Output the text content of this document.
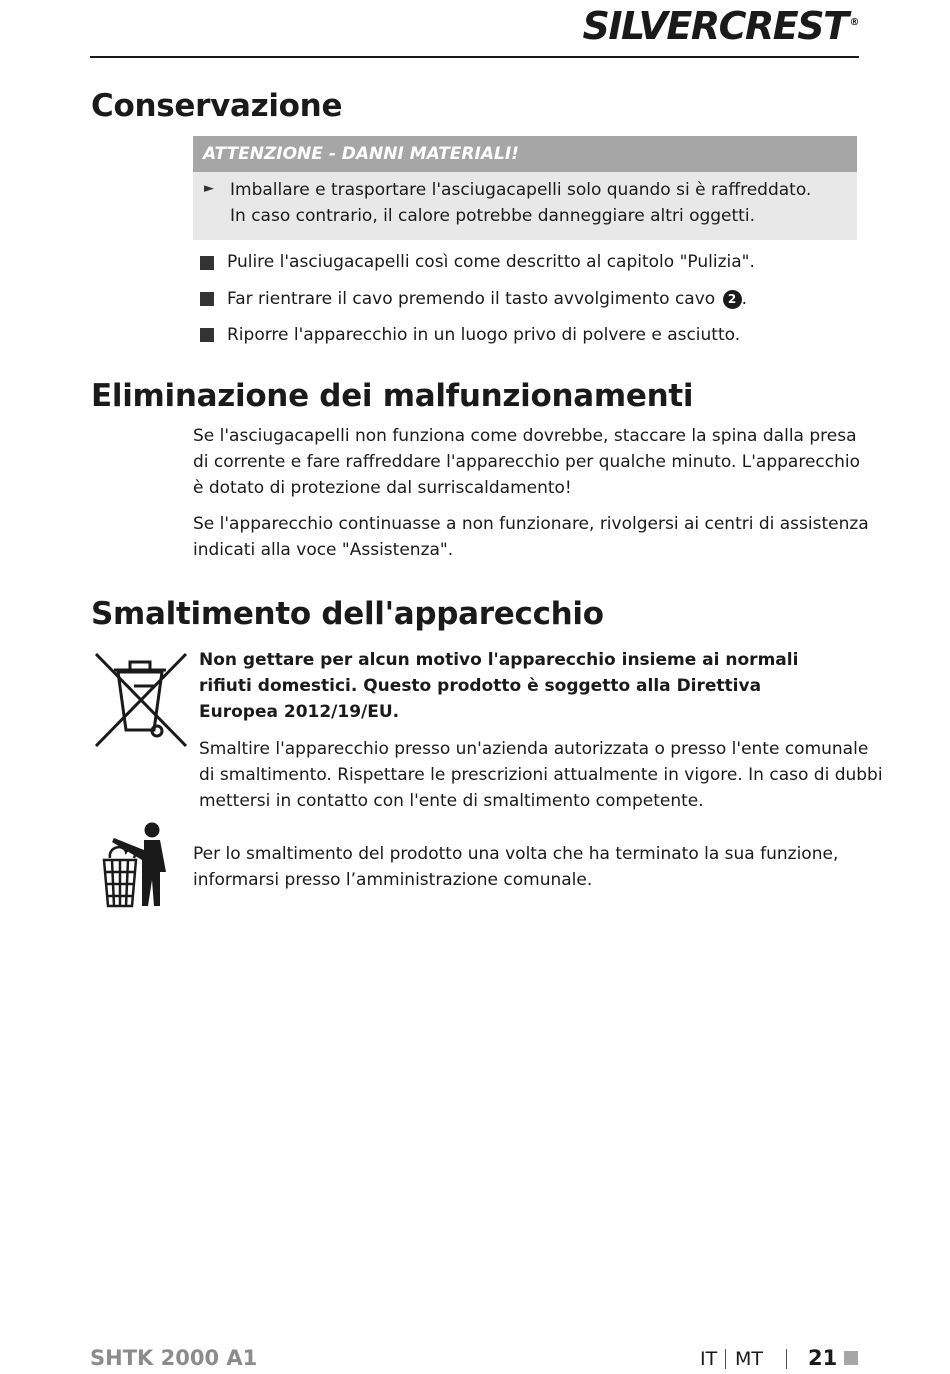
SILVERCREST ®
Conservazione
ATTENZIONE - DANNI MATERIALI!
► Imballare e trasportare l'asciugacapelli solo quando si è raffreddato.
In caso contrario, il calore potrebbe danneggiare altri oggetti.
Pulire l'asciugacapelli così come descritto al capitolo "Pulizia".
Far rientrare il cavo premendo il tasto avvolgimento cavo 2 .
Riporre l'apparecchio in un luogo privo di polvere e asciutto.
Eliminazione dei malfunzionamenti
Se l'asciugacapelli non funziona come dovrebbe, staccare la spina dalla presa
di corrente e fare raffreddare l'apparecchio per qualche minuto. L'apparecchio
è dotato di protezione dal surriscaldamento!
Se l'apparecchio continuasse a non funzionare, rivolgersi ai centri di assistenza
indicati alla voce "Assistenza".
Smaltimento dell'apparecchio
Non gettare per alcun motivo l'apparecchio insieme ai normali
rifiuti domestici. Questo prodotto è soggetto alla Direttiva
Europea 2012/19/EU.
Smaltire l'apparecchio presso un'azienda autorizzata o presso l'ente comunale
di smaltimento. Rispettare le prescrizioni attualmente in vigore. In caso di dubbi
mettersi in contatto con l'ente di smaltimento competente.
Per lo smaltimento del prodotto una volta che ha terminato la sua funzione,
informarsi presso l’amministrazione comunale.
SHTK 2000 A1	IT MT 21
